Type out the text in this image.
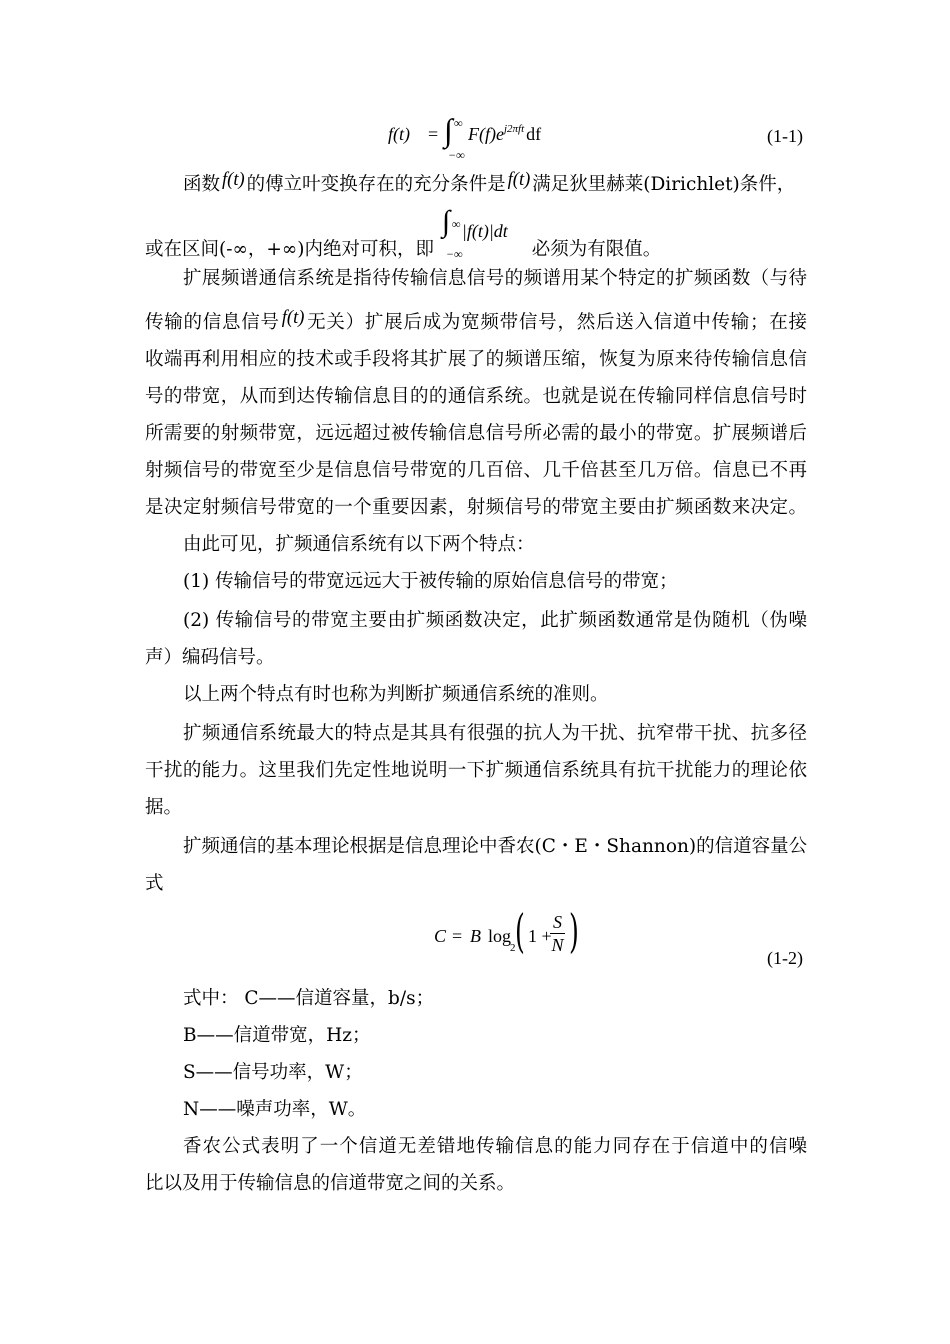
f(t) = ∫ ∞
−∞
$F(f)e^{j2\pi ft}$ df	(1-1)
函数 f(t) 的傅立叶变换存在的充分条件是 f(t) 满足狄里赫莱(Dirichlet)条件，
或在区间(-∞，+∞)内绝对可积，即
∫ ∞
−∞
|f(t)|dt
必须为有限值。
扩展频谱通信系统是指待传输信息信号的频谱用某个特定的扩频函数（与待
传输的信息信号 f(t) 无关）扩展后成为宽频带信号，然后送入信道中传输；在接
收端再利用相应的技术或手段将其扩展了的频谱压缩，恢复为原来待传输信息信
号的带宽，从而到达传输信息目的的通信系统。也就是说在传输同样信息信号时
所需要的射频带宽，远远超过被传输信息信号所必需的最小的带宽。扩展频谱后
射频信号的带宽至少是信息信号带宽的几百倍、几千倍甚至几万倍。信息已不再
是决定射频信号带宽的一个重要因素，射频信号的带宽主要由扩频函数来决定。
由此可见，扩频通信系统有以下两个特点：
(1) 传输信号的带宽远远大于被传输的原始信息信号的带宽；
(2) 传输信号的带宽主要由扩频函数决定，此扩频函数通常是伪随机（伪噪
声）编码信号。
以上两个特点有时也称为判断扩频通信系统的准则。
扩频通信系统最大的特点是其具有很强的抗人为干扰、抗窄带干扰、抗多径
干扰的能力。这里我们先定性地说明一下扩频通信系统具有抗干扰能力的理论依
据。
扩频通信的基本理论根据是信息理论中香农(C・E・Shannon)的信道容量公
式
C = B log
2 ( 1 +
$\frac{S}{N}$ )	(1-2)
式中： C——信道容量，b/s；
B——信道带宽，Hz；
S——信号功率，W；
N——噪声功率，W。
香农公式表明了一个信道无差错地传输信息的能力同存在于信道中的信噪
比以及用于传输信息的信道带宽之间的关系。
